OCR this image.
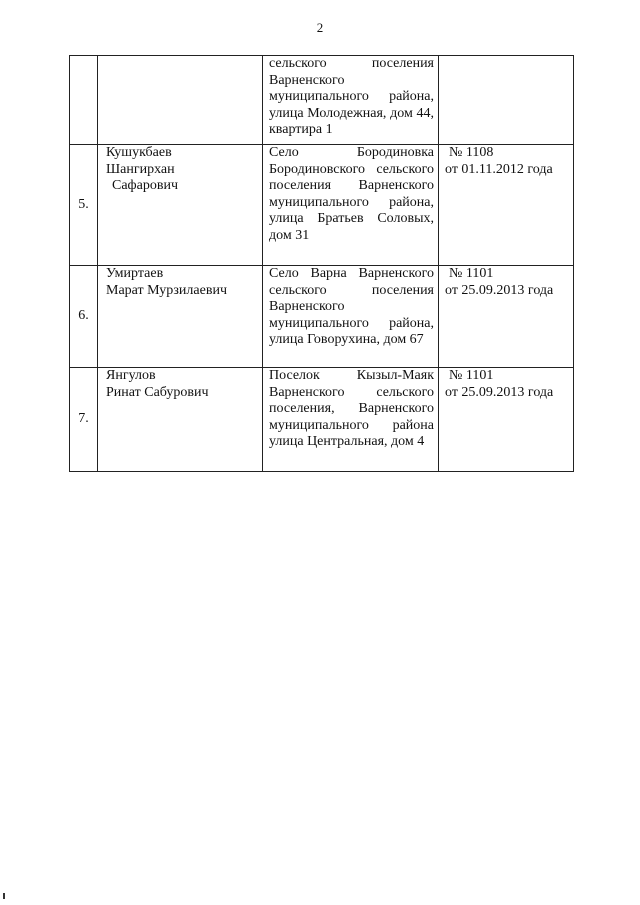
2
		сельского поселения Варненского муниципального района, улица Молодежная, дом 44, квартира 1	
5.	Кушукбаев
Шангирхан
Сафарович	Село Бородиновка Бородиновского сельского поселения Варненского муниципального района, улица Братьев Соловых, дом 31	№ 1108
от 01.11.2012 года

6.	Умиртаев
Марат Мурзилаевич	Село Варна Варненского сельского поселения Варненского муниципального района, улица Говорухина, дом 67	№ 1101
от 25.09.2013 года

7.	Янгулов
Ринат Сабурович	Поселок Кызыл-Маяк Варненского сельского поселения, Варненского муниципального района улица Центральная, дом 4	№ 1101
от 25.09.2013 года
